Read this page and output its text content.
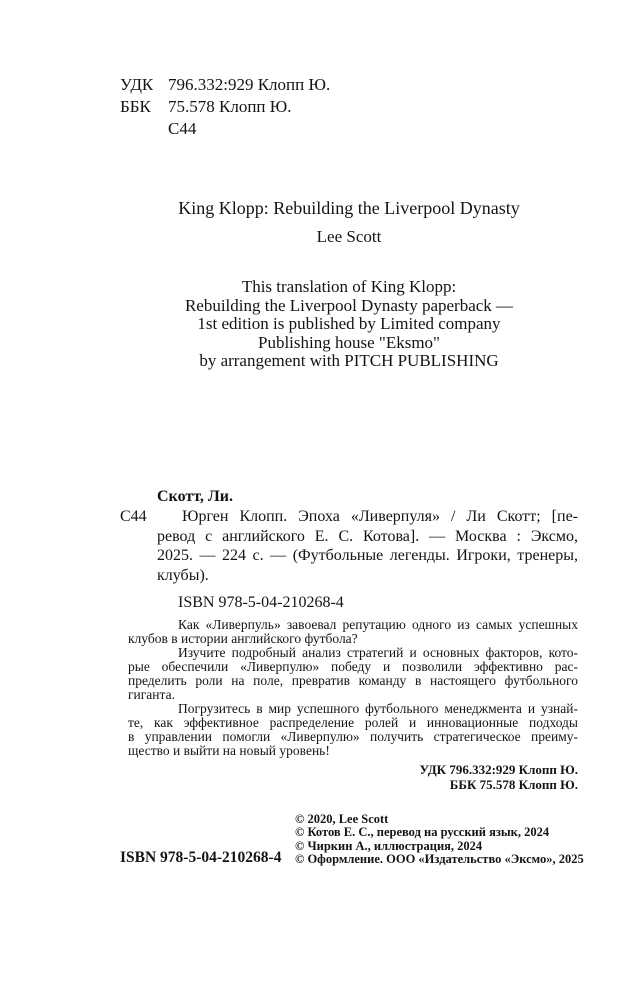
УДК 796.332:929 Клопп Ю.
ББК 75.578 Клопп Ю.
С44
King Klopp: Rebuilding the Liverpool Dynasty
Lee Scott
This translation of King Klopp:
Rebuilding the Liverpool Dynasty paperback —
1st edition is published by Limited company
Publishing house "Eksmo"
by arrangement with PITCH PUBLISHING
Скотт, Ли.
С44	Юрген Клопп. Эпоха «Ливерпуля» / Ли Скотт; [пе-
ревод с английского Е. С. Котова]. — Москва : Эксмо,
2025. — 224 с. — (Футбольные легенды. Игроки, тренеры,
клубы).
ISBN 978-5-04-210268-4
Как «Ливерпуль» завоевал репутацию одного из самых успешных
клубов в истории английского футбола?
Изучите подробный анализ стратегий и основных факторов, кото-
рые обеспечили «Ливерпулю» победу и позволили эффективно рас-
пределить роли на поле, превратив команду в настоящего футбольного
гиганта.
Погрузитесь в мир успешного футбольного менеджмента и узнай-
те, как эффективное распределение ролей и инновационные подходы
в управлении помогли «Ливерпулю» получить стратегическое преиму-
щество и выйти на новый уровень!
УДК 796.332:929 Клопп Ю.
ББК 75.578 Клопп Ю.
© 2020, Lee Scott
© Котов Е. С., перевод на русский язык, 2024
© Чиркин А., иллюстрация, 2024
© Оформление. ООО «Издательство «Эксмо», 2025
ISBN 978-5-04-210268-4
